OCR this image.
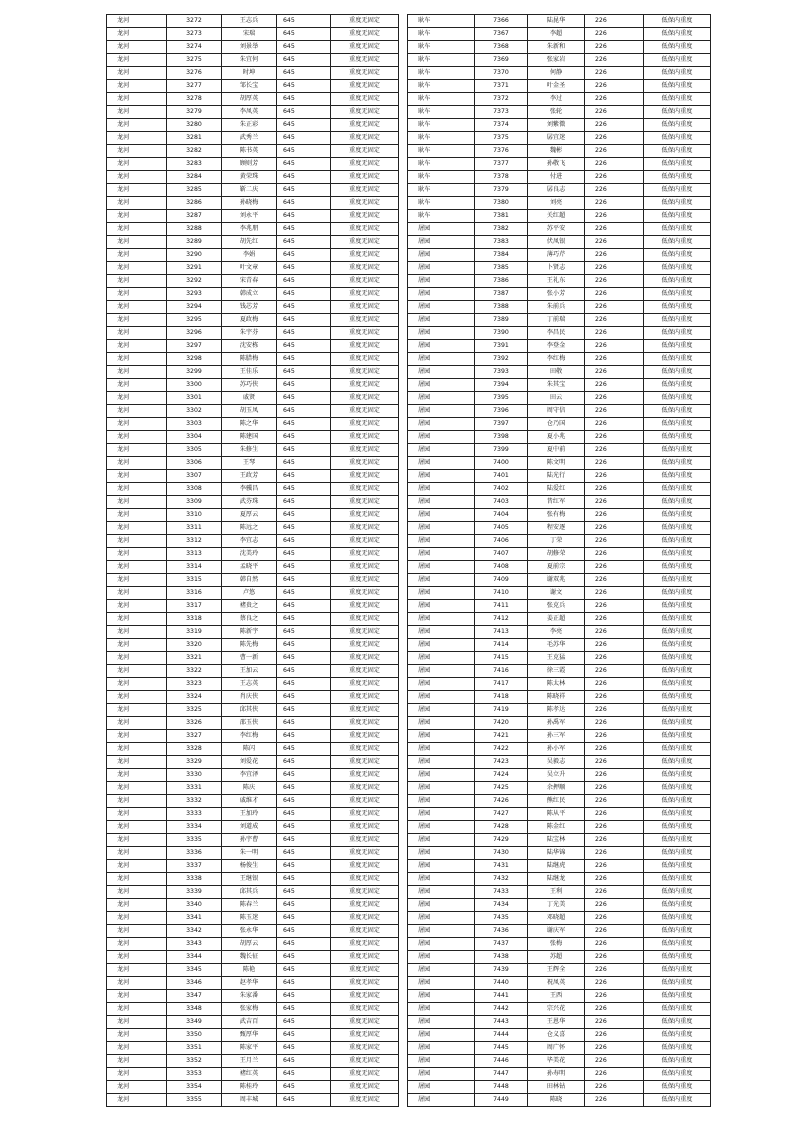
龙河	3272	王志兵	645	重度无固定
龙河	3273	宋瑞	645	重度无固定
龙河	3274	刘景举	645	重度无固定
龙河	3275	朱宜何	645	重度无固定
龙河	3276	时坤	645	重度无固定
龙河	3277	邹长宝	645	重度无固定
龙河	3278	胡厚英	645	重度无固定
龙河	3279	李凤英	645	重度无固定
龙河	3280	朱正彩	645	重度无固定
龙河	3281	武秀兰	645	重度无固定
龙河	3282	陈书英	645	重度无固定
龙河	3283	顾则芳	645	重度无固定
龙河	3284	黄荣珠	645	重度无固定
龙河	3285	靳二庆	645	重度无固定
龙河	3286	孙晓梅	645	重度无固定
龙河	3287	刘永平	645	重度无固定
龙河	3288	李兆朋	645	重度无固定
龙河	3289	胡先红	645	重度无固定
龙河	3290	李娟	645	重度无固定
龙河	3291	叶文章	645	重度无固定
龙河	3292	宋青春	645	重度无固定
龙河	3293	韩成立	645	重度无固定
龙河	3294	钱芯芳	645	重度无固定
龙河	3295	夏政梅	645	重度无固定
龙河	3296	朱宇芬	645	重度无固定
龙河	3297	沈安栋	645	重度无固定
龙河	3298	陈腊梅	645	重度无固定
龙河	3299	王佳乐	645	重度无固定
龙河	3300	苏巧侠	645	重度无固定
龙河	3301	戚贤	645	重度无固定
龙河	3302	胡玉凤	645	重度无固定
龙河	3303	陈之华	645	重度无固定
龙河	3304	陈建国	645	重度无固定
龙河	3305	朱修生	645	重度无固定
龙河	3306	王琴	645	重度无固定
龙河	3307	王政芳	645	重度无固定
龙河	3308	李骥昌	645	重度无固定
龙河	3309	武芬珠	645	重度无固定
龙河	3310	夏厚云	645	重度无固定
龙河	3311	陈远之	645	重度无固定
龙河	3312	李宜志	645	重度无固定
龙河	3313	沈美玲	645	重度无固定
龙河	3314	孟晓平	645	重度无固定
龙河	3315	韩自然	645	重度无固定
龙河	3316	卢悠	645	重度无固定
龙河	3317	褚贵之	645	重度无固定
龙河	3318	蔡良之	645	重度无固定
龙河	3319	陈新宇	645	重度无固定
龙河	3320	陈先梅	645	重度无固定
龙河	3321	曹一新	645	重度无固定
龙河	3322	王加云	645	重度无固定
龙河	3323	王志英	645	重度无固定
龙河	3324	肖庆侠	645	重度无固定
龙河	3325	邱其侠	645	重度无固定
龙河	3326	邵玉侠	645	重度无固定
龙河	3327	李红梅	645	重度无固定
龙河	3328	陈闪	645	重度无固定
龙河	3329	刘爱花	645	重度无固定
龙河	3330	李宜泽	645	重度无固定
龙河	3331	陈庆	645	重度无固定
龙河	3332	戚维才	645	重度无固定
龙河	3333	王加玲	645	重度无固定
龙河	3334	刘道成	645	重度无固定
龙河	3335	孙宇曹	645	重度无固定
龙河	3336	朱一明	645	重度无固定
龙河	3337	杨俊生	645	重度无固定
龙河	3338	王继银	645	重度无固定
龙河	3339	邱其兵	645	重度无固定
龙河	3340	陈春兰	645	重度无固定
龙河	3341	陈玉迷	645	重度无固定
龙河	3342	张永华	645	重度无固定
龙河	3343	胡厚云	645	重度无固定
龙河	3344	魏长征	645	重度无固定
龙河	3345	陈艳	645	重度无固定
龙河	3346	赵孝华	645	重度无固定
龙河	3347	朱家番	645	重度无固定
龙河	3348	张家梅	645	重度无固定
龙河	3349	武吉百	645	重度无固定
龙河	3350	甄厚华	645	重度无固定
龙河	3351	陈家平	645	重度无固定
龙河	3352	王月兰	645	重度无固定
龙河	3353	褚红英	645	重度无固定
龙河	3354	陈桂玲	645	重度无固定
龙河	3355	周丰城	645	重度无固定
耿车	7366	陆昆华	226	低保内重度
耿车	7367	李超	226	低保内重度
耿车	7368	朱新和	226	低保内重度
耿车	7369	张家岩	226	低保内重度
耿车	7370	何静	226	低保内重度
耿车	7371	叶金圣	226	低保内重度
耿车	7372	李过	226	低保内重度
耿车	7373	张轮	226	低保内重度
耿车	7374	刘紫微	226	低保内重度
耿车	7375	孱宜迷	226	低保内重度
耿车	7376	魏彬	226	低保内重度
耿车	7377	孙敬飞	226	低保内重度
耿车	7378	付进	226	低保内重度
耿车	7379	孱良志	226	低保内重度
耿车	7380	刘亮	226	低保内重度
耿车	7381	关红超	226	低保内重度
屠园	7382	苏平安	226	低保内重度
屠园	7383	伏凤银	226	低保内重度
屠园	7384	薄巧芹	226	低保内重度
屠园	7385	卜贤志	226	低保内重度
屠园	7386	王礼东	226	低保内重度
屠园	7387	张小芳	226	低保内重度
屠园	7388	朱前兵	226	低保内重度
屠园	7389	丁前瑞	226	低保内重度
屠园	7390	李昌民	226	低保内重度
屠园	7391	李登金	226	低保内重度
屠园	7392	李红梅	226	低保内重度
屠园	7393	田敬	226	低保内重度
屠园	7394	朱其宝	226	低保内重度
屠园	7395	田云	226	低保内重度
屠园	7396	周守信	226	低保内重度
屠园	7397	仓乃国	226	低保内重度
屠园	7398	夏小兆	226	低保内重度
屠园	7399	夏中前	226	低保内重度
屠园	7400	陈文明	226	低保内重度
屠园	7401	陆光行	226	低保内重度
屠园	7402	陆爱红	226	低保内重度
屠园	7403	昔红军	226	低保内重度
屠园	7404	张有梅	226	低保内重度
屠园	7405	程安逐	226	低保内重度
屠园	7406	丁荣	226	低保内重度
屠园	7407	胡修荣	226	低保内重度
屠园	7408	夏前宗	226	低保内重度
屠园	7409	谢双兆	226	低保内重度
屠园	7410	谢文	226	低保内重度
屠园	7411	张克兵	226	低保内重度
屠园	7412	姜正超	226	低保内重度
屠园	7413	李亮	226	低保内重度
屠园	7414	毛苏华	226	低保内重度
屠园	7415	王克猛	226	低保内重度
屠园	7416	徐三霞	226	低保内重度
屠园	7417	陈太林	226	低保内重度
屠园	7418	陈晓祥	226	低保内重度
屠园	7419	陈孝达	226	低保内重度
屠园	7420	孙禹军	226	低保内重度
屠园	7421	孙三军	226	低保内重度
屠园	7422	孙小军	226	低保内重度
屠园	7423	吴毅志	226	低保内重度
屠园	7424	吴立升	226	低保内重度
屠园	7425	余押顺	226	低保内重度
屠园	7426	熊红民	226	低保内重度
屠园	7427	陈从平	226	低保内重度
屠园	7428	陈金红	226	低保内重度
屠园	7429	陆宝林	226	低保内重度
屠园	7430	陆华锦	226	低保内重度
屠园	7431	陆继虎	226	低保内重度
屠园	7432	陆继龙	226	低保内重度
屠园	7433	王利	226	低保内重度
屠园	7434	丁光美	226	低保内重度
屠园	7435	邓晓超	226	低保内重度
屠园	7436	谢庆军	226	低保内重度
屠园	7437	张梅	226	低保内重度
屠园	7438	苏超	226	低保内重度
屠园	7439	王辉全	226	低保内重度
屠园	7440	祝凤英	226	低保内重度
屠园	7441	王西	226	低保内重度
屠园	7442	宗兴花	226	低保内重度
屠园	7443	王恩华	226	低保内重度
屠园	7444	仓义喜	226	低保内重度
屠园	7445	周广怀	226	低保内重度
屠园	7446	毕美花	226	低保内重度
屠园	7447	孙寿明	226	低保内重度
屠园	7448	田林钻	226	低保内重度
屠园	7449	陈晓	226	低保内重度
